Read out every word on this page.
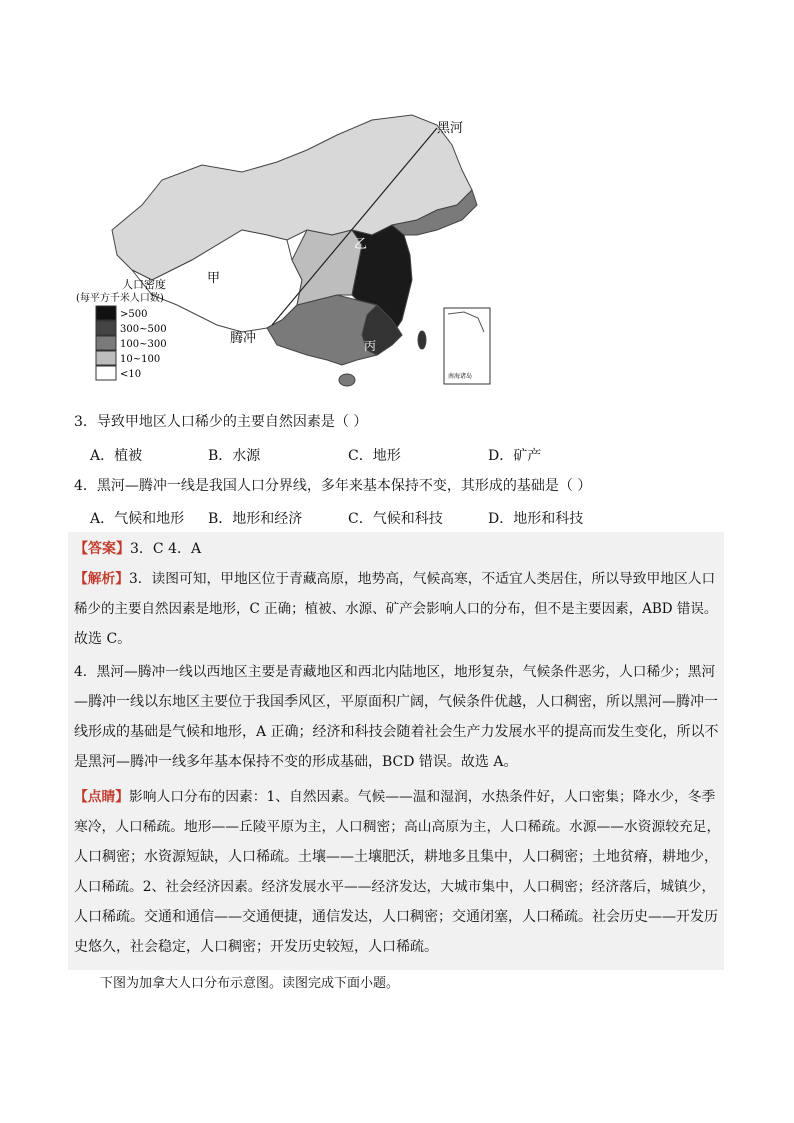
人口密度
(每平方千米人口数)
>500
300~500
100~300
10~100
<10
黑河
腾冲
甲
乙
丙
南海诸岛
3．导致甲地区人口稀少的主要自然因素是（ ）
A．植被	B．水源	C．地形	D．矿产
4．黑河—腾冲一线是我国人口分界线，多年来基本保持不变，其形成的基础是（ ）
A．气候和地形 B．地形和经济	C．气候和科技	D．地形和科技
【答案】3．C 4．A
【解析】3．读图可知，甲地区位于青藏高原，地势高，气候高寒，不适宜人类居住，所以导致甲地区人口
稀少的主要自然因素是地形，C 正确；植被、水源、矿产会影响人口的分布，但不是主要因素，ABD 错误。
故选 C。
4．黑河—腾冲一线以西地区主要是青藏地区和西北内陆地区，地形复杂，气候条件恶劣，人口稀少；黑河
—腾冲一线以东地区主要位于我国季风区，平原面积广阔，气候条件优越，人口稠密，所以黑河—腾冲一
线形成的基础是气候和地形，A 正确；经济和科技会随着社会生产力发展水平的提高而发生变化，所以不
是黑河—腾冲一线多年基本保持不变的形成基础，BCD 错误。故选 A。
【点睛】影响人口分布的因素：1、自然因素。气候——温和湿润，水热条件好，人口密集；降水少，冬季
寒冷，人口稀疏。地形——丘陵平原为主，人口稠密；高山高原为主，人口稀疏。水源——水资源较充足，
人口稠密；水资源短缺，人口稀疏。土壤——土壤肥沃，耕地多且集中，人口稠密；土地贫瘠，耕地少，
人口稀疏。2、社会经济因素。经济发展水平——经济发达，大城市集中，人口稠密；经济落后，城镇少，
人口稀疏。交通和通信——交通便捷，通信发达，人口稠密；交通闭塞，人口稀疏。社会历史——开发历
史悠久，社会稳定，人口稠密；开发历史较短，人口稀疏。
下图为加拿大人口分布示意图。读图完成下面小题。
